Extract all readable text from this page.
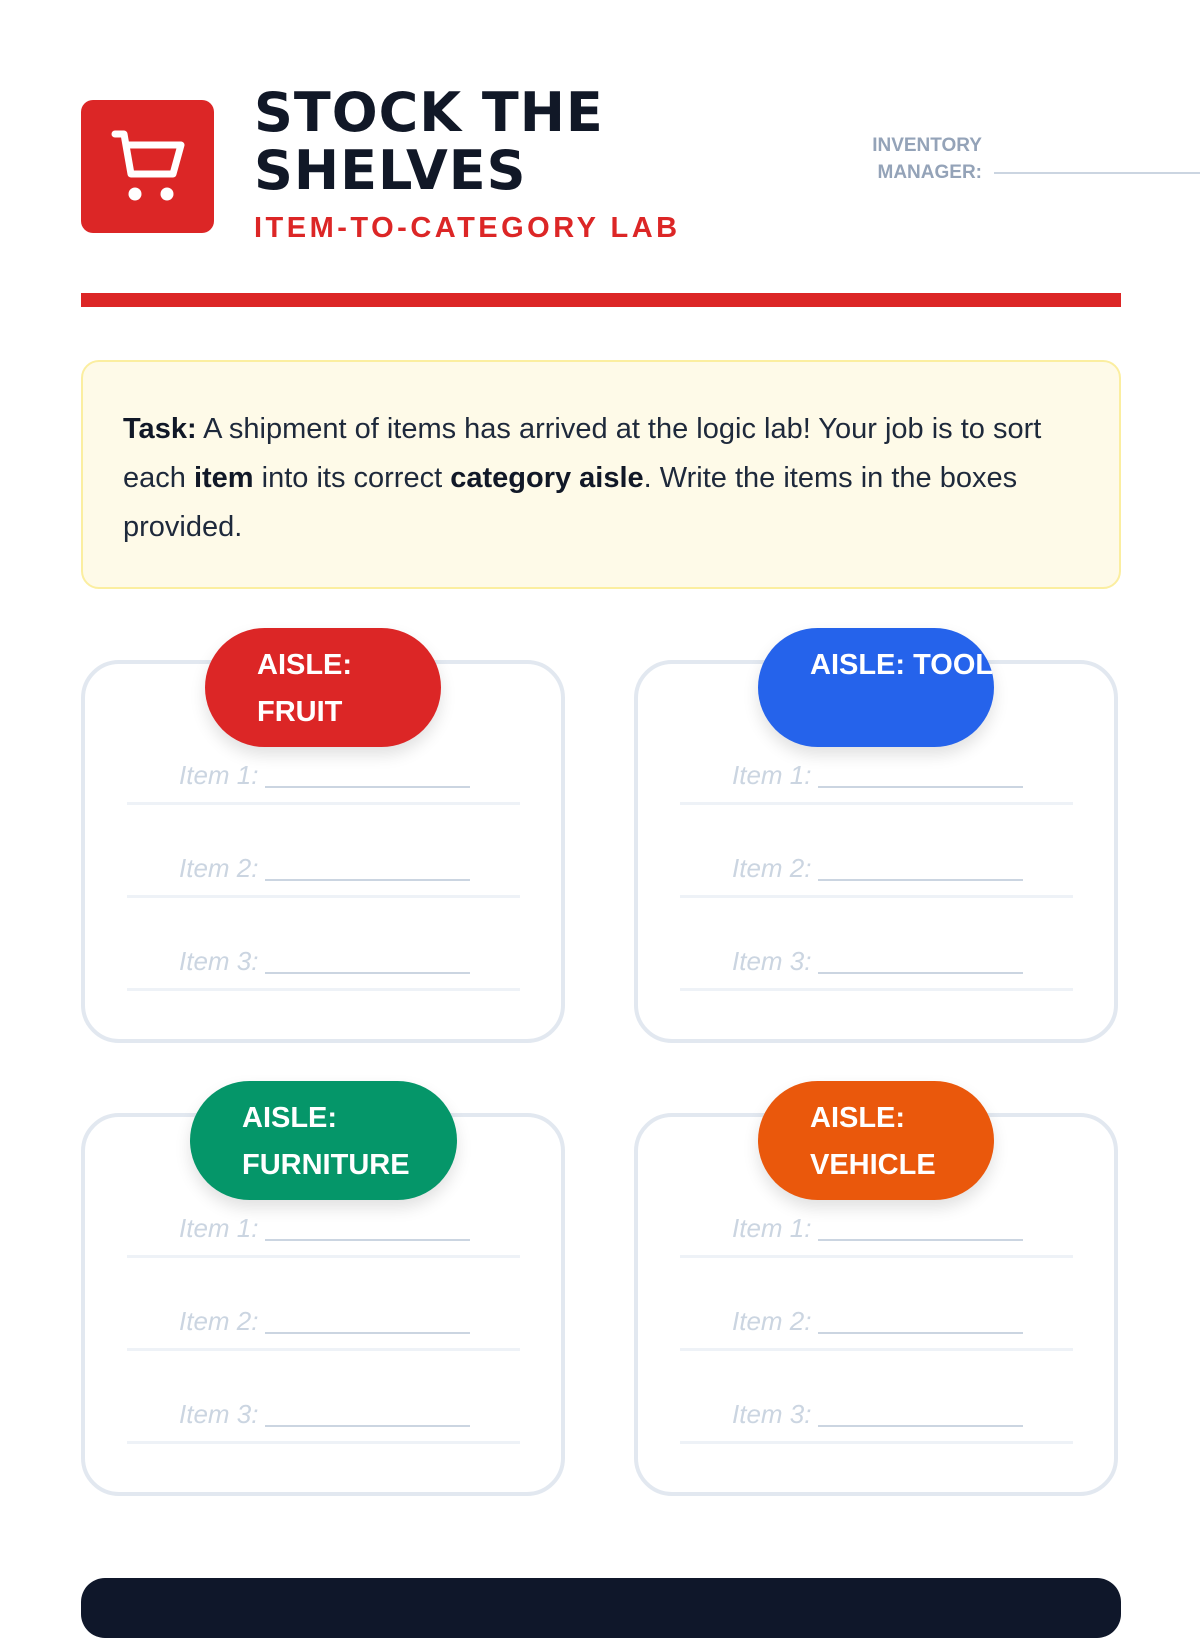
STOCK THE SHELVES
ITEM-TO-CATEGORY LAB
INVENTORY MANAGER:
Task: A shipment of items has arrived at the logic lab! Your job is to sort each item into its correct category aisle. Write the items in the boxes provided.
AISLE: FRUIT
Item 1:
Item 2:
Item 3:
AISLE: TOOL
Item 1:
Item 2:
Item 3:
AISLE: FURNITURE
Item 1:
Item 2:
Item 3:
AISLE: VEHICLE
Item 1:
Item 2:
Item 3:
